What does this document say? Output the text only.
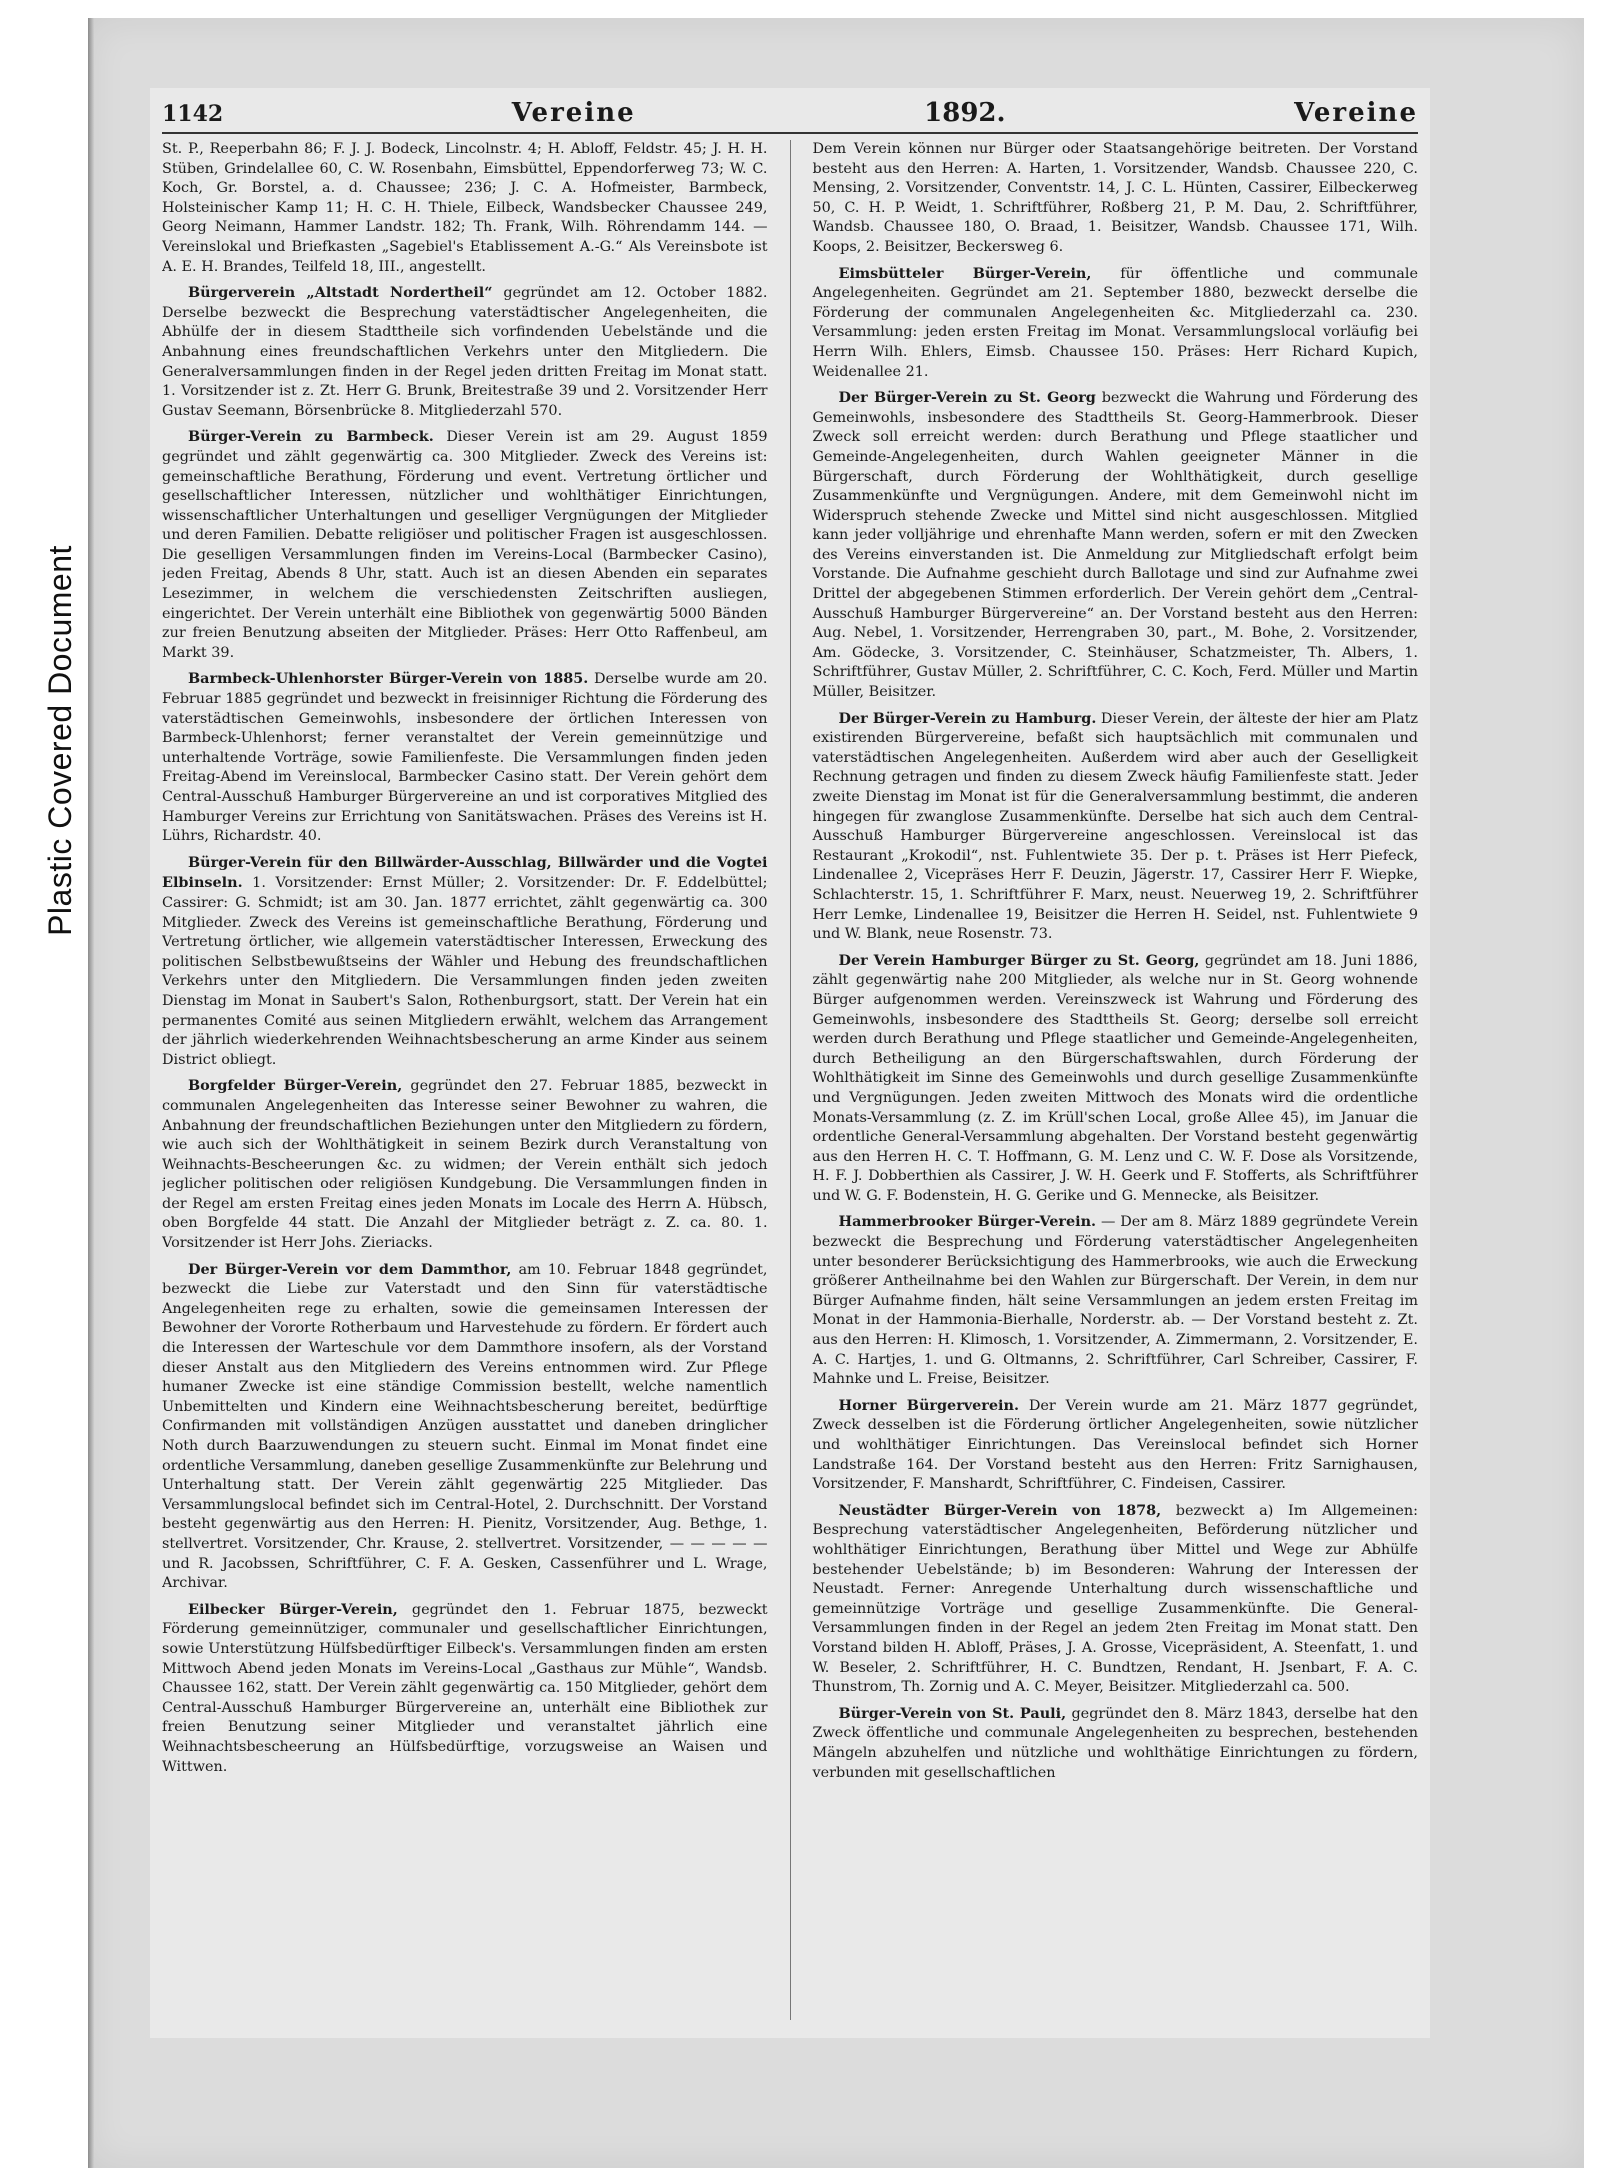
Plastic Covered Document
1142	Vereine	1892.	Vereine

St. P., Reeperbahn 86; F. J. J. Bodeck, Lincolnstr. 4; H. Abloff, Feldstr. 45; J. H. H. Stüben, Grindelallee 60, C. W. Rosenbahn, Eimsbüttel, Eppendorferweg 73; W. C. Koch, Gr. Borstel, a. d. Chaussee; 236; J. C. A. Hofmeister, Barmbeck, Holsteinischer Kamp 11; H. C. H. Thiele, Eilbeck, Wandsbecker Chaussee 249, Georg Neimann, Hammer Landstr. 182; Th. Frank, Wilh. Röhrendamm 144. — Vereinslokal und Briefkasten „Sagebiel's Etablissement A.-G.“ Als Vereinsbote ist A. E. H. Brandes, Teilfeld 18, III., angestellt.

Bürgerverein „Altstadt Nordertheil“ gegründet am 12. October 1882. Derselbe bezweckt die Besprechung vaterstädtischer Angelegenheiten, die Abhülfe der in diesem Stadttheile sich vorfindenden Uebelstände und die Anbahnung eines freundschaftlichen Verkehrs unter den Mitgliedern. Die Generalversammlungen finden in der Regel jeden dritten Freitag im Monat statt. 1. Vorsitzender ist z. Zt. Herr G. Brunk, Breitestraße 39 und 2. Vorsitzender Herr Gustav Seemann, Börsenbrücke 8. Mitgliederzahl 570.

Bürger-Verein zu Barmbeck. Dieser Verein ist am 29. August 1859 gegründet und zählt gegenwärtig ca. 300 Mitglieder. Zweck des Vereins ist: gemeinschaftliche Berathung, Förderung und event. Vertretung örtlicher und gesellschaftlicher Interessen, nützlicher und wohlthätiger Einrichtungen, wissenschaftlicher Unterhaltungen und geselliger Vergnügungen der Mitglieder und deren Familien. Debatte religiöser und politischer Fragen ist ausgeschlossen. Die geselligen Versammlungen finden im Vereins-Local (Barmbecker Casino), jeden Freitag, Abends 8 Uhr, statt. Auch ist an diesen Abenden ein separates Lesezimmer, in welchem die verschiedensten Zeitschriften ausliegen, eingerichtet. Der Verein unterhält eine Bibliothek von gegenwärtig 5000 Bänden zur freien Benutzung abseiten der Mitglieder. Präses: Herr Otto Raffenbeul, am Markt 39.

Barmbeck-Uhlenhorster Bürger-Verein von 1885. Derselbe wurde am 20. Februar 1885 gegründet und bezweckt in freisinniger Richtung die Förderung des vaterstädtischen Gemeinwohls, insbesondere der örtlichen Interessen von Barmbeck-Uhlenhorst; ferner veranstaltet der Verein gemeinnützige und unterhaltende Vorträge, sowie Familienfeste. Die Versammlungen finden jeden Freitag-Abend im Vereinslocal, Barmbecker Casino statt. Der Verein gehört dem Central-Ausschuß Hamburger Bürgervereine an und ist corporatives Mitglied des Hamburger Vereins zur Errichtung von Sanitätswachen. Präses des Vereins ist H. Lührs, Richardstr. 40.

Bürger-Verein für den Billwärder-Ausschlag, Billwärder und die Vogtei Elbinseln. 1. Vorsitzender: Ernst Müller; 2. Vorsitzender: Dr. F. Eddelbüttel; Cassirer: G. Schmidt; ist am 30. Jan. 1877 errichtet, zählt gegenwärtig ca. 300 Mitglieder. Zweck des Vereins ist gemeinschaftliche Berathung, Förderung und Vertretung örtlicher, wie allgemein vaterstädtischer Interessen, Erweckung des politischen Selbstbewußtseins der Wähler und Hebung des freundschaftlichen Verkehrs unter den Mitgliedern. Die Versammlungen finden jeden zweiten Dienstag im Monat in Saubert's Salon, Rothenburgsort, statt. Der Verein hat ein permanentes Comité aus seinen Mitgliedern erwählt, welchem das Arrangement der jährlich wiederkehrenden Weihnachtsbescherung an arme Kinder aus seinem District obliegt.

Borgfelder Bürger-Verein, gegründet den 27. Februar 1885, bezweckt in communalen Angelegenheiten das Interesse seiner Bewohner zu wahren, die Anbahnung der freundschaftlichen Beziehungen unter den Mitgliedern zu fördern, wie auch sich der Wohlthätigkeit in seinem Bezirk durch Veranstaltung von Weihnachts-Bescheerungen &c. zu widmen; der Verein enthält sich jedoch jeglicher politischen oder religiösen Kundgebung. Die Versammlungen finden in der Regel am ersten Freitag eines jeden Monats im Locale des Herrn A. Hübsch, oben Borgfelde 44 statt. Die Anzahl der Mitglieder beträgt z. Z. ca. 80. 1. Vorsitzender ist Herr Johs. Zieriacks.

Der Bürger-Verein vor dem Dammthor, am 10. Februar 1848 gegründet, bezweckt die Liebe zur Vaterstadt und den Sinn für vaterstädtische Angelegenheiten rege zu erhalten, sowie die gemeinsamen Interessen der Bewohner der Vororte Rotherbaum und Harvestehude zu fördern. Er fördert auch die Interessen der Warteschule vor dem Dammthore insofern, als der Vorstand dieser Anstalt aus den Mitgliedern des Vereins entnommen wird. Zur Pflege humaner Zwecke ist eine ständige Commission bestellt, welche namentlich Unbemittelten und Kindern eine Weihnachtsbescherung bereitet, bedürftige Confirmanden mit vollständigen Anzügen ausstattet und daneben dringlicher Noth durch Baarzuwendungen zu steuern sucht. Einmal im Monat findet eine ordentliche Versammlung, daneben gesellige Zusammenkünfte zur Belehrung und Unterhaltung statt. Der Verein zählt gegenwärtig 225 Mitglieder. Das Versammlungslocal befindet sich im Central-Hotel, 2. Durchschnitt. Der Vorstand besteht gegenwärtig aus den Herren: H. Pienitz, Vorsitzender, Aug. Bethge, 1. stellvertret. Vorsitzender, Chr. Krause, 2. stellvertret. Vorsitzender, — — — — — und R. Jacobssen, Schriftführer, C. F. A. Gesken, Cassenführer und L. Wrage, Archivar.

Eilbecker Bürger-Verein, gegründet den 1. Februar 1875, bezweckt Förderung gemeinnütziger, communaler und gesellschaftlicher Einrichtungen, sowie Unterstützung Hülfsbedürftiger Eilbeck's. Versammlungen finden am ersten Mittwoch Abend jeden Monats im Vereins-Local „Gasthaus zur Mühle“, Wandsb. Chaussee 162, statt. Der Verein zählt gegenwärtig ca. 150 Mitglieder, gehört dem Central-Ausschuß Hamburger Bürgervereine an, unterhält eine Bibliothek zur freien Benutzung seiner Mitglieder und veranstaltet jährlich eine Weihnachtsbescheerung an Hülfsbedürftige, vorzugsweise an Waisen und Wittwen.

Dem Verein können nur Bürger oder Staatsangehörige beitreten. Der Vorstand besteht aus den Herren: A. Harten, 1. Vorsitzender, Wandsb. Chaussee 220, C. Mensing, 2. Vorsitzender, Conventstr. 14, J. C. L. Hünten, Cassirer, Eilbeckerweg 50, C. H. P. Weidt, 1. Schriftführer, Roßberg 21, P. M. Dau, 2. Schriftführer, Wandsb. Chaussee 180, O. Braad, 1. Beisitzer, Wandsb. Chaussee 171, Wilh. Koops, 2. Beisitzer, Beckersweg 6.

Eimsbütteler Bürger-Verein, für öffentliche und communale Angelegenheiten. Gegründet am 21. September 1880, bezweckt derselbe die Förderung der communalen Angelegenheiten &c. Mitgliederzahl ca. 230. Versammlung: jeden ersten Freitag im Monat. Versammlungslocal vorläufig bei Herrn Wilh. Ehlers, Eimsb. Chaussee 150. Präses: Herr Richard Kupich, Weidenallee 21.

Der Bürger-Verein zu St. Georg bezweckt die Wahrung und Förderung des Gemeinwohls, insbesondere des Stadttheils St. Georg-Hammerbrook. Dieser Zweck soll erreicht werden: durch Berathung und Pflege staatlicher und Gemeinde-Angelegenheiten, durch Wahlen geeigneter Männer in die Bürgerschaft, durch Förderung der Wohlthätigkeit, durch gesellige Zusammenkünfte und Vergnügungen. Andere, mit dem Gemeinwohl nicht im Widerspruch stehende Zwecke und Mittel sind nicht ausgeschlossen. Mitglied kann jeder volljährige und ehrenhafte Mann werden, sofern er mit den Zwecken des Vereins einverstanden ist. Die Anmeldung zur Mitgliedschaft erfolgt beim Vorstande. Die Aufnahme geschieht durch Ballotage und sind zur Aufnahme zwei Drittel der abgegebenen Stimmen erforderlich. Der Verein gehört dem „Central-Ausschuß Hamburger Bürgervereine“ an. Der Vorstand besteht aus den Herren: Aug. Nebel, 1. Vorsitzender, Herrengraben 30, part., M. Bohe, 2. Vorsitzender, Am. Gödecke, 3. Vorsitzender, C. Steinhäuser, Schatzmeister, Th. Albers, 1. Schriftführer, Gustav Müller, 2. Schriftführer, C. C. Koch, Ferd. Müller und Martin Müller, Beisitzer.

Der Bürger-Verein zu Hamburg. Dieser Verein, der älteste der hier am Platz existirenden Bürgervereine, befaßt sich hauptsächlich mit communalen und vaterstädtischen Angelegenheiten. Außerdem wird aber auch der Geselligkeit Rechnung getragen und finden zu diesem Zweck häufig Familienfeste statt. Jeder zweite Dienstag im Monat ist für die Generalversammlung bestimmt, die anderen hingegen für zwanglose Zusammenkünfte. Derselbe hat sich auch dem Central-Ausschuß Hamburger Bürgervereine angeschlossen. Vereinslocal ist das Restaurant „Krokodil“, nst. Fuhlentwiete 35. Der p. t. Präses ist Herr Piefeck, Lindenallee 2, Vicepräses Herr F. Deuzin, Jägerstr. 17, Cassirer Herr F. Wiepke, Schlachterstr. 15, 1. Schriftführer F. Marx, neust. Neuerweg 19, 2. Schriftführer Herr Lemke, Lindenallee 19, Beisitzer die Herren H. Seidel, nst. Fuhlentwiete 9 und W. Blank, neue Rosenstr. 73.

Der Verein Hamburger Bürger zu St. Georg, gegründet am 18. Juni 1886, zählt gegenwärtig nahe 200 Mitglieder, als welche nur in St. Georg wohnende Bürger aufgenommen werden. Vereinszweck ist Wahrung und Förderung des Gemeinwohls, insbesondere des Stadttheils St. Georg; derselbe soll erreicht werden durch Berathung und Pflege staatlicher und Gemeinde-Angelegenheiten, durch Betheiligung an den Bürgerschaftswahlen, durch Förderung der Wohlthätigkeit im Sinne des Gemeinwohls und durch gesellige Zusammenkünfte und Vergnügungen. Jeden zweiten Mittwoch des Monats wird die ordentliche Monats-Versammlung (z. Z. im Krüll'schen Local, große Allee 45), im Januar die ordentliche General-Versammlung abgehalten. Der Vorstand besteht gegenwärtig aus den Herren H. C. T. Hoffmann, G. M. Lenz und C. W. F. Dose als Vorsitzende, H. F. J. Dobberthien als Cassirer, J. W. H. Geerk und F. Stofferts, als Schriftführer und W. G. F. Bodenstein, H. G. Gerike und G. Mennecke, als Beisitzer.

Hammerbrooker Bürger-Verein. — Der am 8. März 1889 gegründete Verein bezweckt die Besprechung und Förderung vaterstädtischer Angelegenheiten unter besonderer Berücksichtigung des Hammerbrooks, wie auch die Erweckung größerer Antheilnahme bei den Wahlen zur Bürgerschaft. Der Verein, in dem nur Bürger Aufnahme finden, hält seine Versammlungen an jedem ersten Freitag im Monat in der Hammonia-Bierhalle, Norderstr. ab. — Der Vorstand besteht z. Zt. aus den Herren: H. Klimosch, 1. Vorsitzender, A. Zimmermann, 2. Vorsitzender, E. A. C. Hartjes, 1. und G. Oltmanns, 2. Schriftführer, Carl Schreiber, Cassirer, F. Mahnke und L. Freise, Beisitzer.

Horner Bürgerverein. Der Verein wurde am 21. März 1877 gegründet, Zweck desselben ist die Förderung örtlicher Angelegenheiten, sowie nützlicher und wohlthätiger Einrichtungen. Das Vereinslocal befindet sich Horner Landstraße 164. Der Vorstand besteht aus den Herren: Fritz Sarnighausen, Vorsitzender, F. Manshardt, Schriftführer, C. Findeisen, Cassirer.

Neustädter Bürger-Verein von 1878, bezweckt a) Im Allgemeinen: Besprechung vaterstädtischer Angelegenheiten, Beförderung nützlicher und wohlthätiger Einrichtungen, Berathung über Mittel und Wege zur Abhülfe bestehender Uebelstände; b) im Besonderen: Wahrung der Interessen der Neustadt. Ferner: Anregende Unterhaltung durch wissenschaftliche und gemeinnützige Vorträge und gesellige Zusammenkünfte. Die General-Versammlungen finden in der Regel an jedem 2ten Freitag im Monat statt. Den Vorstand bilden H. Abloff, Präses, J. A. Grosse, Vicepräsident, A. Steenfatt, 1. und W. Beseler, 2. Schriftführer, H. C. Bundtzen, Rendant, H. Jsenbart, F. A. C. Thunstrom, Th. Zornig und A. C. Meyer, Beisitzer. Mitgliederzahl ca. 500.

Bürger-Verein von St. Pauli, gegründet den 8. März 1843, derselbe hat den Zweck öffentliche und communale Angelegenheiten zu besprechen, bestehenden Mängeln abzuhelfen und nützliche und wohlthätige Einrichtungen zu fördern, verbunden mit gesellschaftlichen
